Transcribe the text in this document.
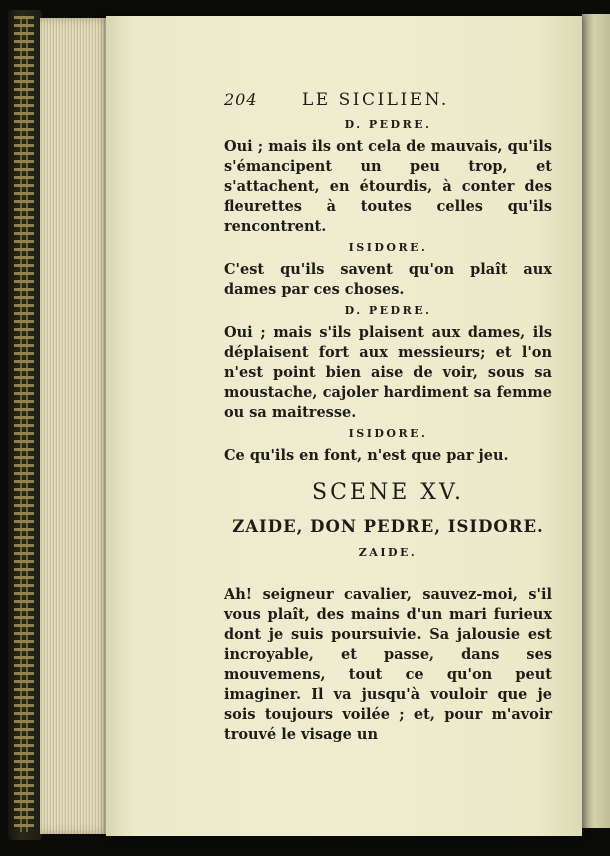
204	LE SICILIEN.
D. PEDRE.

Oui ; mais ils ont cela de mauvais, qu'ils s'émancipent un peu trop, et s'attachent, en étourdis, à conter des fleurettes à toutes celles qu'ils rencontrent.

ISIDORE.

C'est qu'ils savent qu'on plaît aux dames par ces choses.

D. PEDRE.

Oui ; mais s'ils plaisent aux dames, ils déplaisent fort aux messieurs; et l'on n'est point bien aise de voir, sous sa moustache, cajoler hardiment sa femme ou sa maitresse.

ISIDORE.

Ce qu'ils en font, n'est que par jeu.

SCENE XV.
ZAIDE, DON PEDRE, ISIDORE.
ZAIDE.

Ah! seigneur cavalier, sauvez-moi, s'il vous plaît, des mains d'un mari furieux dont je suis poursuivie. Sa jalousie est incroyable, et passe, dans ses mouvemens, tout ce qu'on peut imaginer. Il va jusqu'à vouloir que je sois toujours voilée ; et, pour m'avoir trouvé le visage un
